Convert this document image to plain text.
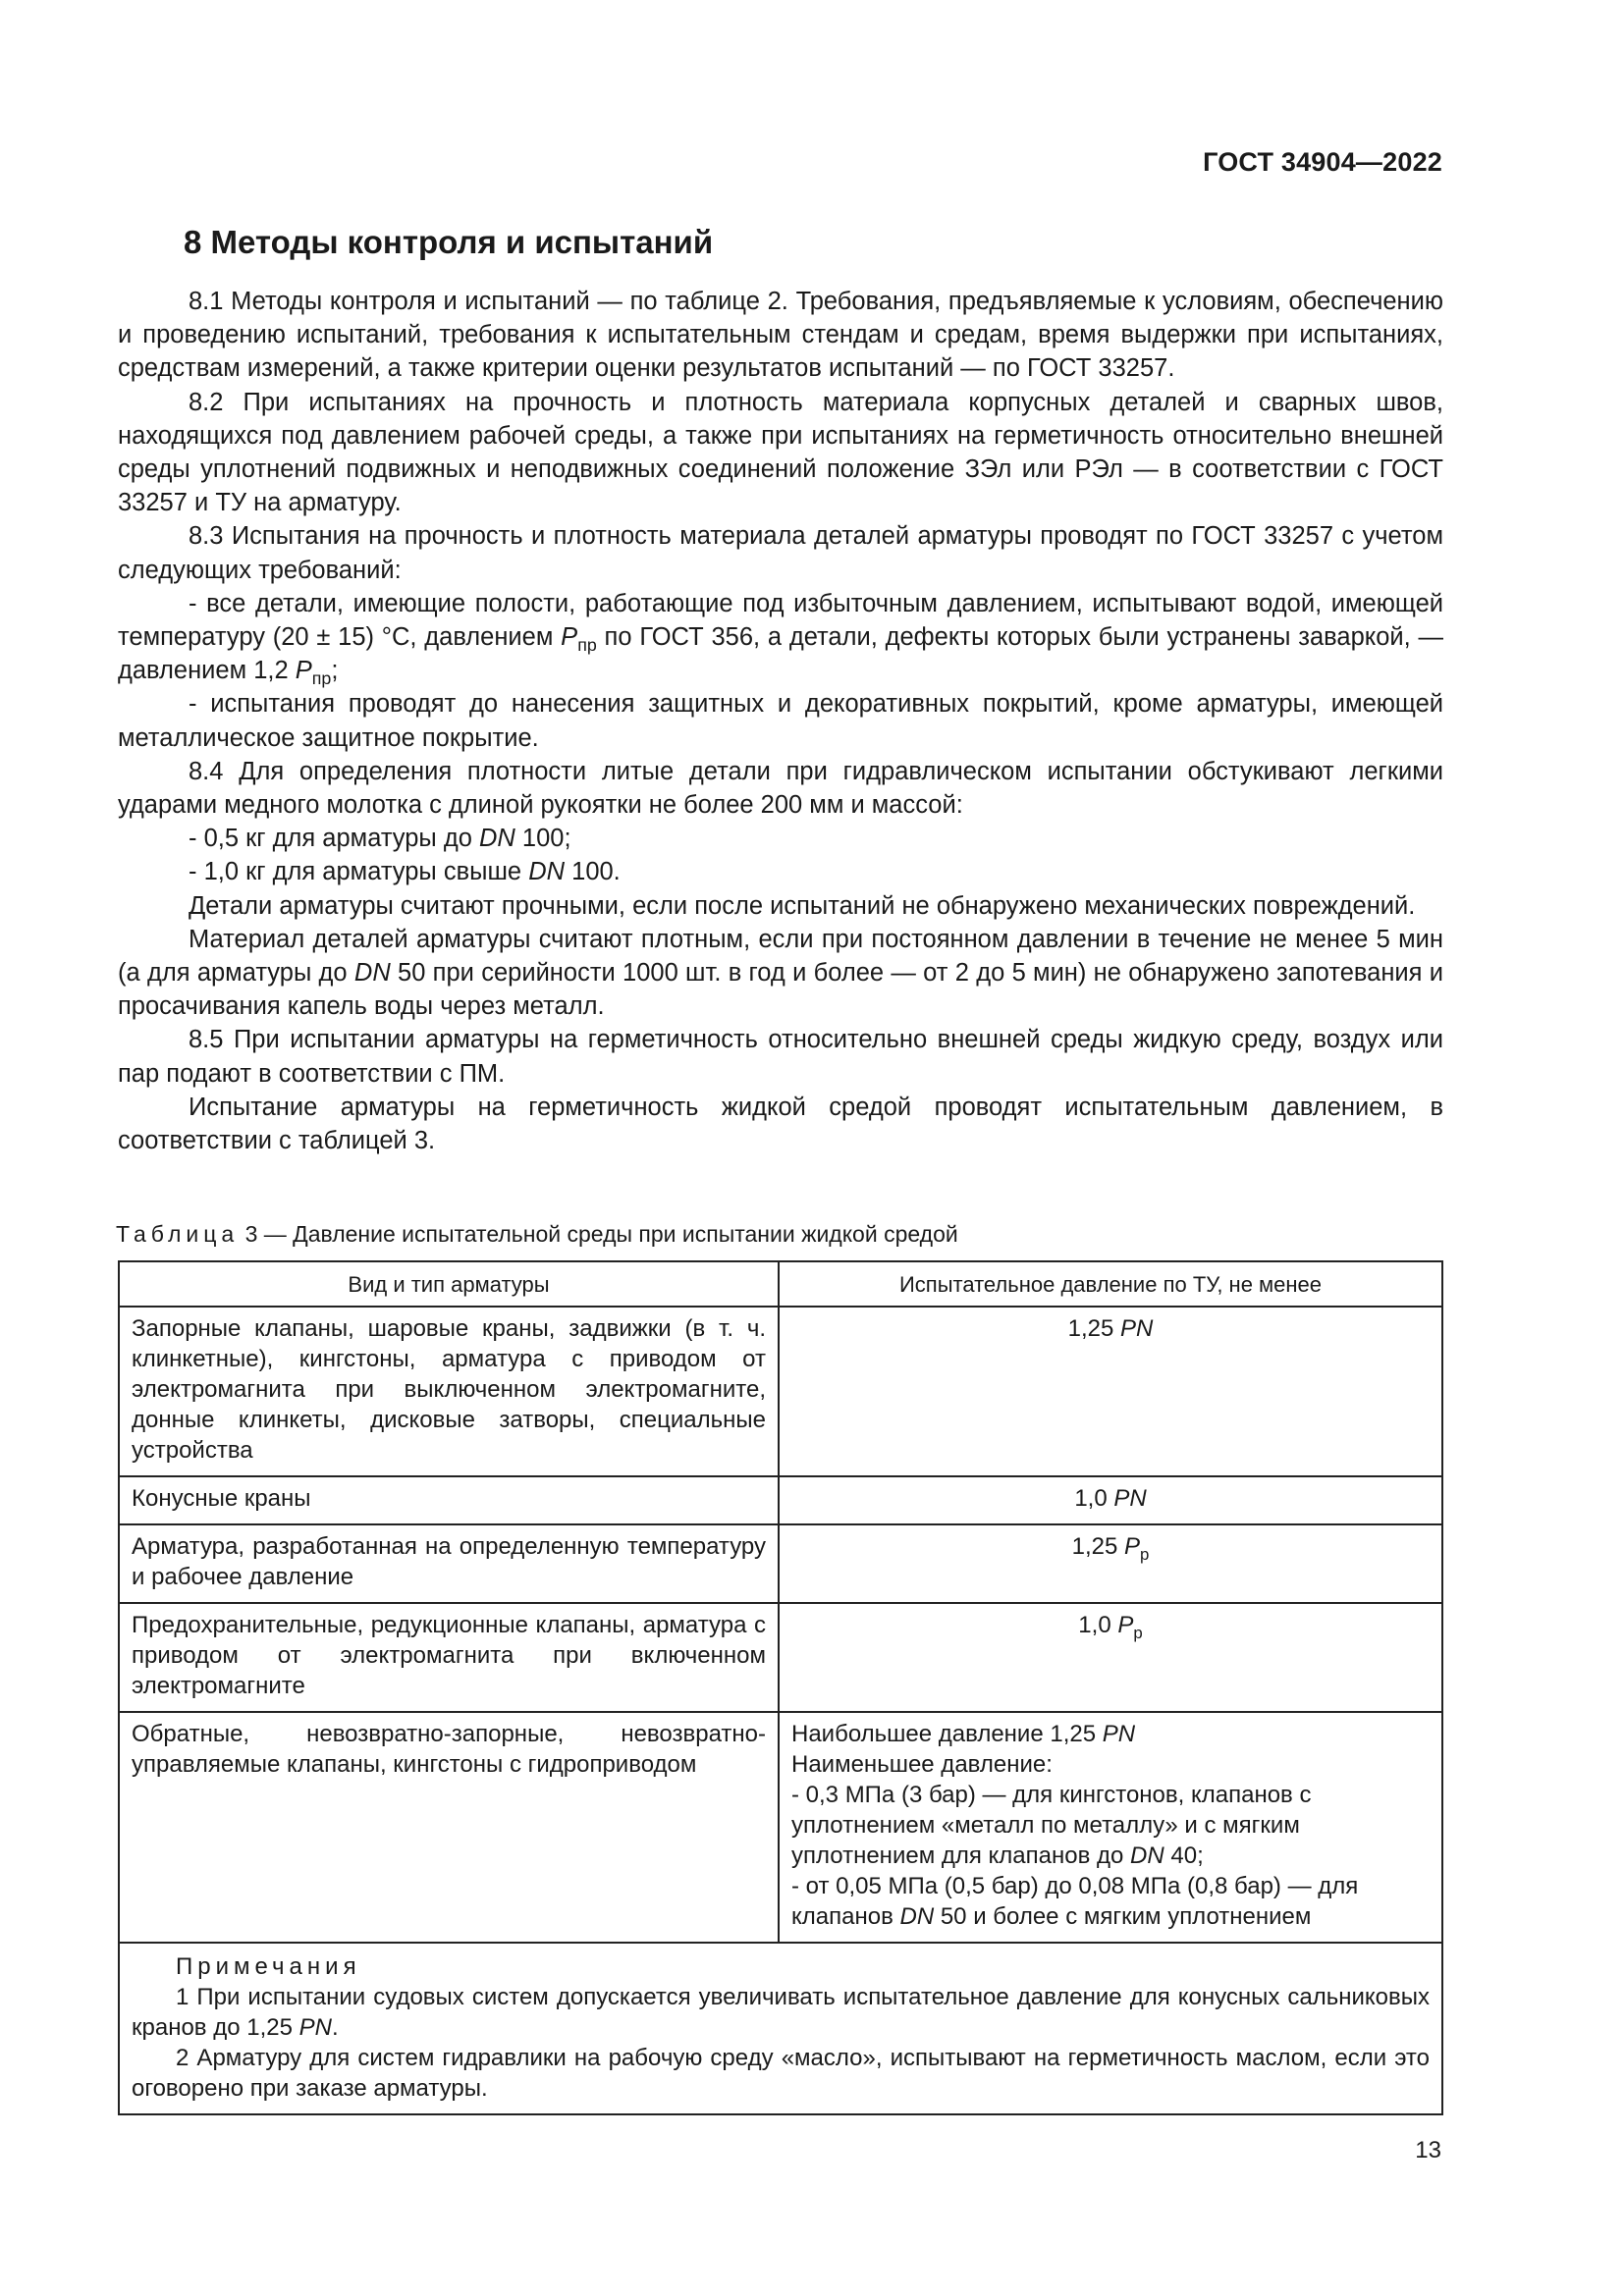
ГОСТ 34904—2022
8 Методы контроля и испытаний

8.1 Методы контроля и испытаний — по таблице 2. Требования, предъявляемые к условиям, обеспечению и проведению испытаний, требования к испытательным стендам и средам, время выдержки при испытаниях, средствам измерений, а также критерии оценки результатов испытаний — по ГОСТ 33257.

8.2 При испытаниях на прочность и плотность материала корпусных деталей и сварных швов, находящихся под давлением рабочей среды, а также при испытаниях на герметичность относительно внешней среды уплотнений подвижных и неподвижных соединений положение ЗЭл или РЭл — в соответствии с ГОСТ 33257 и ТУ на арматуру.

8.3 Испытания на прочность и плотность материала деталей арматуры проводят по ГОСТ 33257 с учетом следующих требований:

- все детали, имеющие полости, работающие под избыточным давлением, испытывают водой, имеющей температуру (20 ± 15) °С, давлением $P_{пр}$ по ГОСТ 356, а детали, дефекты которых были устранены заваркой, — давлением 1,2 $P_{пр}$;

- испытания проводят до нанесения защитных и декоративных покрытий, кроме арматуры, имеющей металлическое защитное покрытие.

8.4 Для определения плотности литые детали при гидравлическом испытании обстукивают легкими ударами медного молотка с длиной рукоятки не более 200 мм и массой:

- 0,5 кг для арматуры до DN 100;

- 1,0 кг для арматуры свыше DN 100.

Детали арматуры считают прочными, если после испытаний не обнаружено механических повреждений.

Материал деталей арматуры считают плотным, если при постоянном давлении в течение не менее 5 мин (а для арматуры до DN 50 при серийности 1000 шт. в год и более — от 2 до 5 мин) не обнаружено запотевания и просачивания капель воды через металл.

8.5 При испытании арматуры на герметичность относительно внешней среды жидкую среду, воздух или пар подают в соответствии с ПМ.

Испытание арматуры на герметичность жидкой средой проводят испытательным давлением, в соответствии с таблицей 3.

Таблица 3 — Давление испытательной среды при испытании жидкой средой
Вид и тип арматуры	Испытательное давление по ТУ, не менее
Запорные клапаны, шаровые краны, задвижки (в т. ч. клинкетные), кингстоны, арматура с приводом от электромагнита при выключенном электромагните, донные клинкеты, дисковые затворы, специальные устройства	1,25 PN
Конусные краны	1,0 PN
Арматура, разработанная на определенную температуру и рабочее давление	1,25 $P_р$
Предохранительные, редукционные клапаны, арматура с приводом от электромагнита при включенном электромагните	1,0 $P_р$
Обратные, невозвратно-запорные, невозвратно-управляемые клапаны, кингстоны с гидроприводом	Наибольшее давление 1,25 PN
Наименьшее давление:
- 0,3 МПа (3 бар) — для кингстонов, клапанов с уплотнением «металл по металлу» и с мягким уплотнением для клапанов до DN 40;
- от 0,05 МПа (0,5 бар) до 0,08 МПа (0,8 бар) — для клапанов DN 50 и более с мягким уплотнением

Примечания
1 При испытании судовых систем допускается увеличивать испытательное давление для конусных сальниковых кранов до 1,25 PN.
2 Арматуру для систем гидравлики на рабочую среду «масло», испытывают на герметичность маслом, если это оговорено при заказе арматуры.	
13
